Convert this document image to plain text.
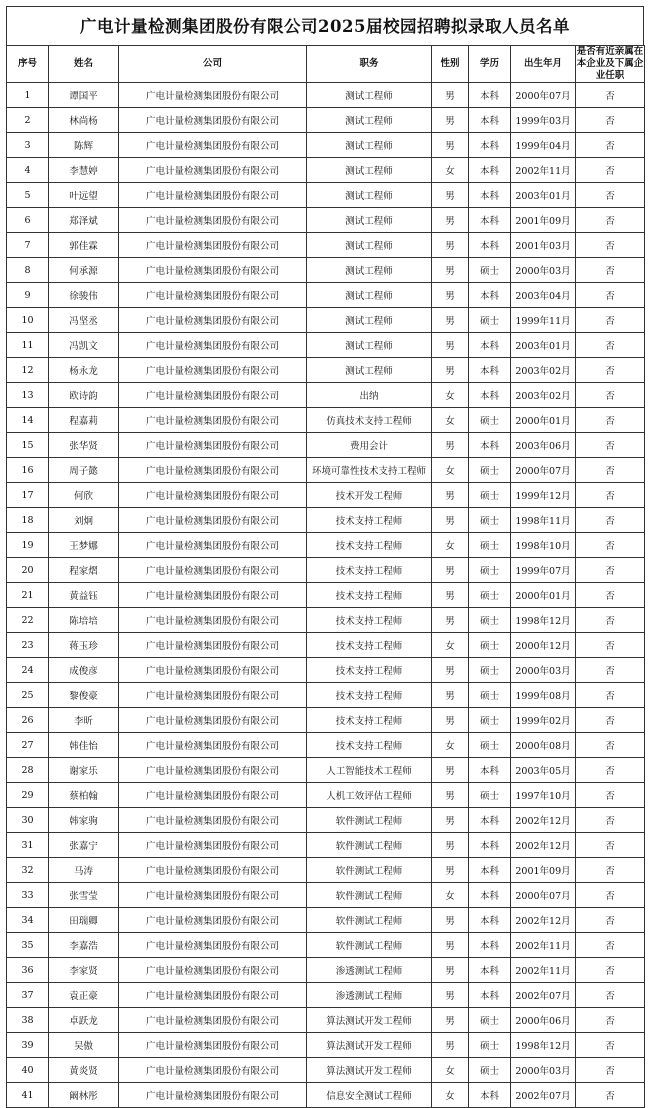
广电计量检测集团股份有限公司2025届校园招聘拟录取人员名单
序号	姓名	公司	职务	性别	学历	出生年月	是否有近亲属在本企业及下属企业任职
1	谭国平	广电计量检测集团股份有限公司	测试工程师	男	本科	2000年07月	否
2	林尚杨	广电计量检测集团股份有限公司	测试工程师	男	本科	1999年03月	否
3	陈辉	广电计量检测集团股份有限公司	测试工程师	男	本科	1999年04月	否
4	李慧婷	广电计量检测集团股份有限公司	测试工程师	女	本科	2002年11月	否
5	叶远望	广电计量检测集团股份有限公司	测试工程师	男	本科	2003年01月	否
6	郑泽斌	广电计量检测集团股份有限公司	测试工程师	男	本科	2001年09月	否
7	郭佳霖	广电计量检测集团股份有限公司	测试工程师	男	本科	2001年03月	否
8	何承源	广电计量检测集团股份有限公司	测试工程师	男	硕士	2000年03月	否
9	徐骏伟	广电计量检测集团股份有限公司	测试工程师	男	本科	2003年04月	否
10	冯坚丞	广电计量检测集团股份有限公司	测试工程师	男	硕士	1999年11月	否
11	冯凯文	广电计量检测集团股份有限公司	测试工程师	男	本科	2003年01月	否
12	杨永龙	广电计量检测集团股份有限公司	测试工程师	男	本科	2003年02月	否
13	欧诗韵	广电计量检测集团股份有限公司	出纳	女	本科	2003年02月	否
14	程嘉莉	广电计量检测集团股份有限公司	仿真技术支持工程师	女	硕士	2000年01月	否
15	张华贤	广电计量检测集团股份有限公司	费用会计	男	本科	2003年06月	否
16	周子懿	广电计量检测集团股份有限公司	环境可靠性技术支持工程师	女	硕士	2000年07月	否
17	何欣	广电计量检测集团股份有限公司	技术开发工程师	男	硕士	1999年12月	否
18	刘炯	广电计量检测集团股份有限公司	技术支持工程师	男	硕士	1998年11月	否
19	王梦娜	广电计量检测集团股份有限公司	技术支持工程师	女	硕士	1998年10月	否
20	程家熠	广电计量检测集团股份有限公司	技术支持工程师	男	硕士	1999年07月	否
21	黄益钰	广电计量检测集团股份有限公司	技术支持工程师	男	硕士	2000年01月	否
22	陈培培	广电计量检测集团股份有限公司	技术支持工程师	男	硕士	1998年12月	否
23	蒋玉珍	广电计量检测集团股份有限公司	技术支持工程师	女	硕士	2000年12月	否
24	成俊彦	广电计量检测集团股份有限公司	技术支持工程师	男	硕士	2000年03月	否
25	黎俊豪	广电计量检测集团股份有限公司	技术支持工程师	男	硕士	1999年08月	否
26	李昕	广电计量检测集团股份有限公司	技术支持工程师	男	硕士	1999年02月	否
27	韩佳怡	广电计量检测集团股份有限公司	技术支持工程师	女	硕士	2000年08月	否
28	谢家乐	广电计量检测集团股份有限公司	人工智能技术工程师	男	本科	2003年05月	否
29	蔡柏翰	广电计量检测集团股份有限公司	人机工效评估工程师	男	硕士	1997年10月	否
30	韩家驹	广电计量检测集团股份有限公司	软件测试工程师	男	本科	2002年12月	否
31	张嘉宁	广电计量检测集团股份有限公司	软件测试工程师	男	本科	2002年12月	否
32	马涛	广电计量检测集团股份有限公司	软件测试工程师	男	本科	2001年09月	否
33	张雪莹	广电计量检测集团股份有限公司	软件测试工程师	女	本科	2000年07月	否
34	田瑞卿	广电计量检测集团股份有限公司	软件测试工程师	男	本科	2002年12月	否
35	李嘉浩	广电计量检测集团股份有限公司	软件测试工程师	男	本科	2002年11月	否
36	李家贤	广电计量检测集团股份有限公司	渗透测试工程师	男	本科	2002年11月	否
37	袁正豪	广电计量检测集团股份有限公司	渗透测试工程师	男	本科	2002年07月	否
38	卓跃龙	广电计量检测集团股份有限公司	算法测试开发工程师	男	硕士	2000年06月	否
39	吴傲	广电计量检测集团股份有限公司	算法测试开发工程师	男	硕士	1998年12月	否
40	黄炎贤	广电计量检测集团股份有限公司	算法测试开发工程师	女	硕士	2000年03月	否
41	阚林彤	广电计量检测集团股份有限公司	信息安全测试工程师	女	本科	2002年07月	否
